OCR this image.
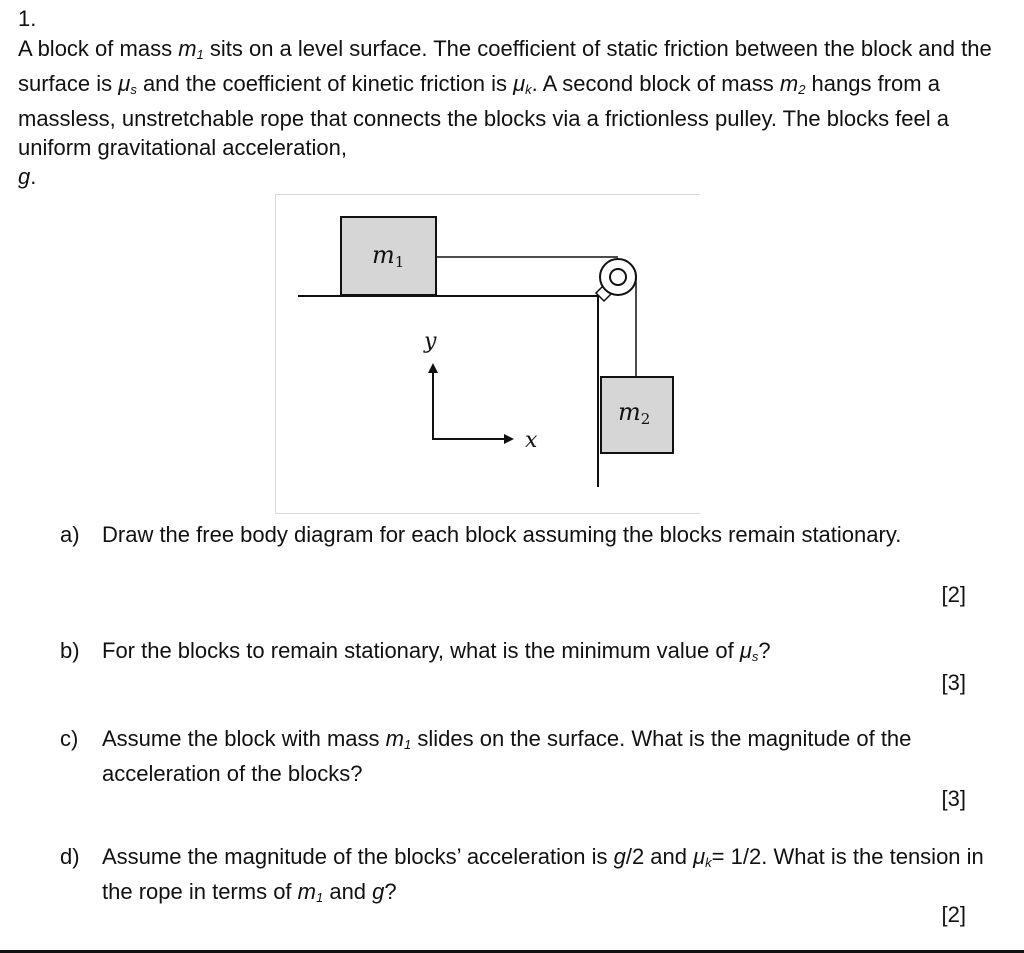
1.
A block of mass $m_1$ sits on a level surface. The coefficient of static friction between the block and the surface is $\mu_s$ and the coefficient of kinetic friction is $\mu_k$. A second block of mass $m_2$ hangs from a massless, unstretchable rope that connects the blocks via a frictionless pulley. The blocks feel a uniform gravitational acceleration,
g.
m1
m2
y
x
a) Draw the free body diagram for each block assuming the blocks remain stationary.
[2]
b) For the blocks to remain stationary, what is the minimum value of $\mu_s$?
[3]
c) Assume the block with mass $m_1$ slides on the surface. What is the magnitude of the acceleration of the blocks?
[3]
d) Assume the magnitude of the blocks’ acceleration is g/2 and $\mu_k= 1/2$. What is the tension in the rope in terms of $m_1$ and g?
[2]
